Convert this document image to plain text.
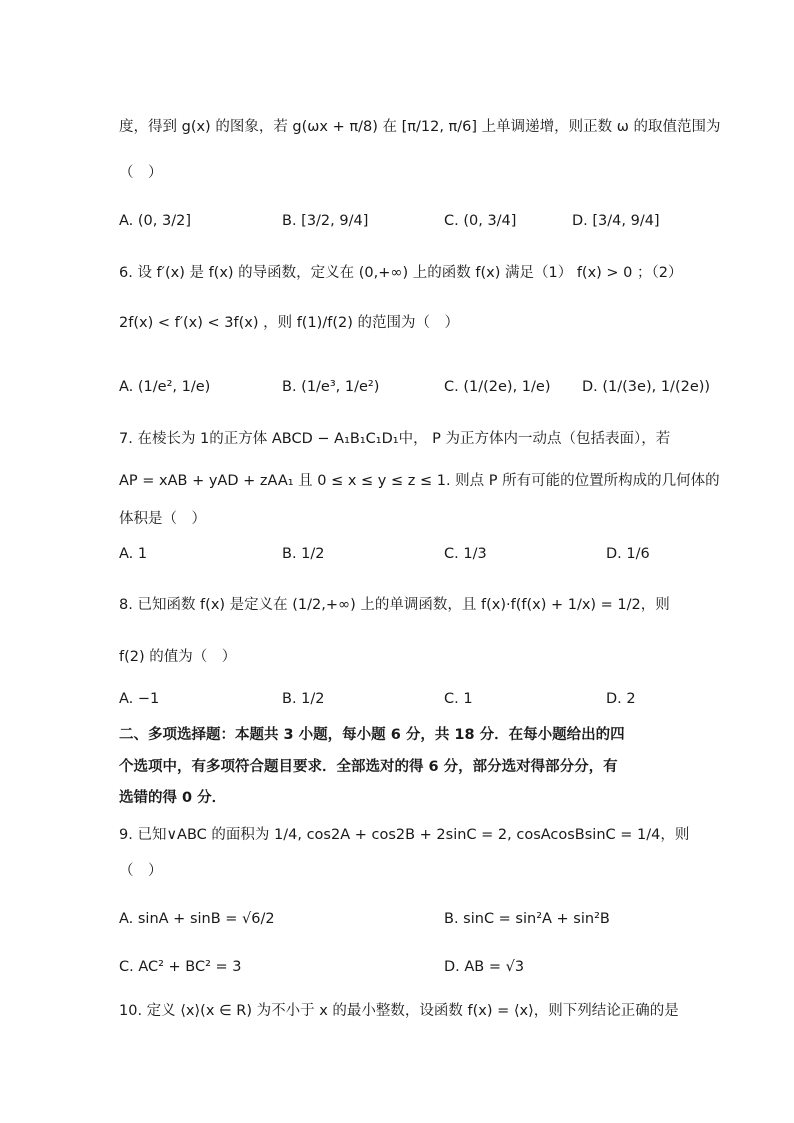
度，得到 g(x) 的图象，若 g(ωx + π/8) 在 [π/12, π/6] 上单调递增，则正数 ω 的取值范围为
（　）
A. (0, 3/2]	B. [3/2, 9/4]	C. (0, 3/4]	D. [3/4, 9/4]
6. 设 f′(x) 是 f(x) 的导函数，定义在 (0,+∞) 上的函数 f(x) 满足（1） f(x) > 0 ；（2）
2f(x) < f′(x) < 3f(x) ，则 f(1)/f(2) 的范围为（　）
A. (1/e², 1/e)	B. (1/e³, 1/e²)	C. (1/(2e), 1/e) D. (1/(3e), 1/(2e))
7. 在棱长为 1的正方体 ABCD − A₁B₁C₁D₁中， P 为正方体内一动点（包括表面），若
AP = xAB + yAD + zAA₁ 且 0 ≤ x ≤ y ≤ z ≤ 1. 则点 P 所有可能的位置所构成的几何体的
体积是（　）
A. 1	B. 1/2	C. 1/3	D. 1/6
8. 已知函数 f(x) 是定义在 (1/2,+∞) 上的单调函数，且 f(x)·f(f(x) + 1/x) = 1/2，则
f(2) 的值为（　）
A. −1	B. 1/2	C. 1	D. 2
二、多项选择题：本题共 3 小题，每小题 6 分，共 18 分．在每小题给出的四
个选项中，有多项符合题目要求．全部选对的得 6 分，部分选对得部分分，有
选错的得 0 分．
9. 已知∨ABC 的面积为 1/4, cos2A + cos2B + 2sinC = 2, cosAcosBsinC = 1/4，则
（　）
A. sinA + sinB = √6/2	B. sinC = sin²A + sin²B
C. AC² + BC² = 3	D. AB = √3
10. 定义 ⟨x⟩(x ∈ R) 为不小于 x 的最小整数，设函数 f(x) = ⟨x⟩，则下列结论正确的是
